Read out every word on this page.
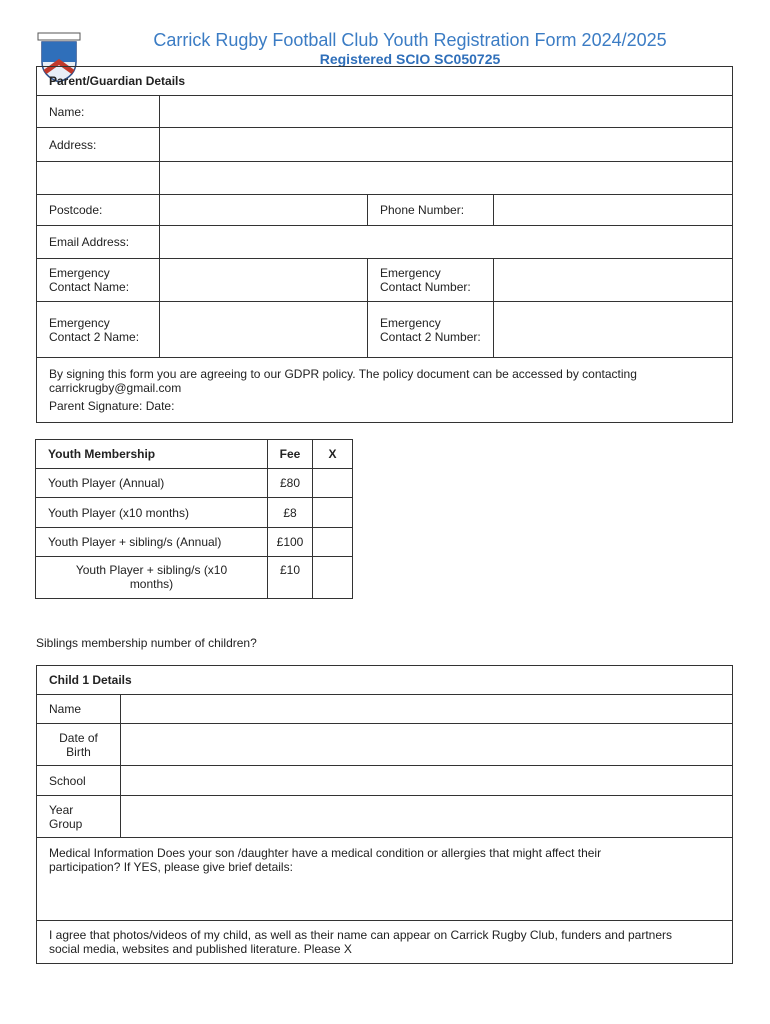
Carrick Rugby Football Club Youth Registration Form 2024/2025
Registered SCIO SC050725
Parent/Guardian Details			
Name:			
Address:			

Postcode:		Phone Number:	
Email Address:			
Emergency Contact Name:		Emergency Contact Number:	
Emergency Contact 2 Name:		Emergency Contact 2 Number:	

By signing this form you are agreeing to our GDPR policy. The policy document can be accessed by contacting carrickrugby@gmail.com
Parent Signature: Date:			
Youth Membership	Fee	X
Youth Player (Annual)	£80	
Youth Player (x10 months)	£8	
Youth Player + sibling/s (Annual)	£100	
Youth Player + sibling/s (x10 months)	£10	
Siblings membership number of children?
Child 1 Details	
Name	
Date of Birth	
School	
Year Group	
Medical Information Does your son /daughter have a medical condition or allergies that might affect their participation? If YES, please give brief details:	
I agree that photos/videos of my child, as well as their name can appear on Carrick Rugby Club, funders and partners social media, websites and published literature. Please X	
